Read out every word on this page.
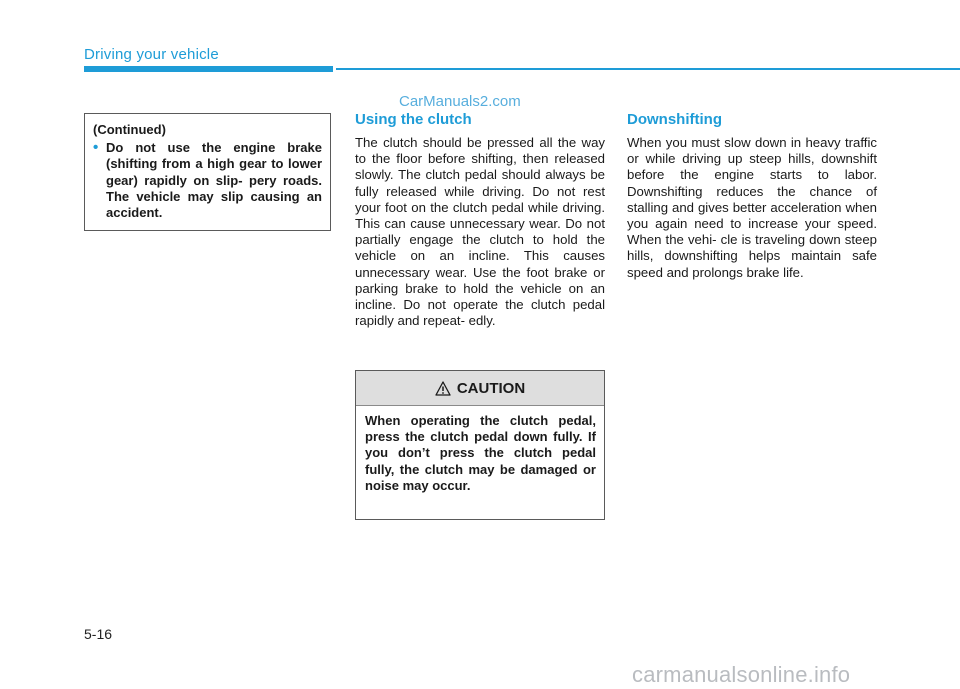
Driving your vehicle
CarManuals2.com
(Continued)
• Do not use the engine brake (shifting from a high gear to lower gear) rapidly on slip- pery roads. The vehicle may slip causing an accident.
Using the clutch
The clutch should be pressed all the way to the floor before shifting, then released slowly. The clutch pedal should always be fully released while driving. Do not rest your foot on the clutch pedal while driving. This can cause unnecessary wear. Do not partially engage the clutch to hold the vehicle on an incline. This causes unnecessary wear. Use the foot brake or parking brake to hold the vehicle on an incline. Do not operate the clutch pedal rapidly and repeat- edly.
CAUTION
When operating the clutch pedal, press the clutch pedal down fully. If you don’t press the clutch pedal fully, the clutch may be damaged or noise may occur.
Downshifting
When you must slow down in heavy traffic or while driving up steep hills, downshift before the engine starts to labor. Downshifting reduces the chance of stalling and gives better acceleration when you again need to increase your speed. When the vehi- cle is traveling down steep hills, downshifting helps maintain safe speed and prolongs brake life.
5-16
carmanualsonline.info
